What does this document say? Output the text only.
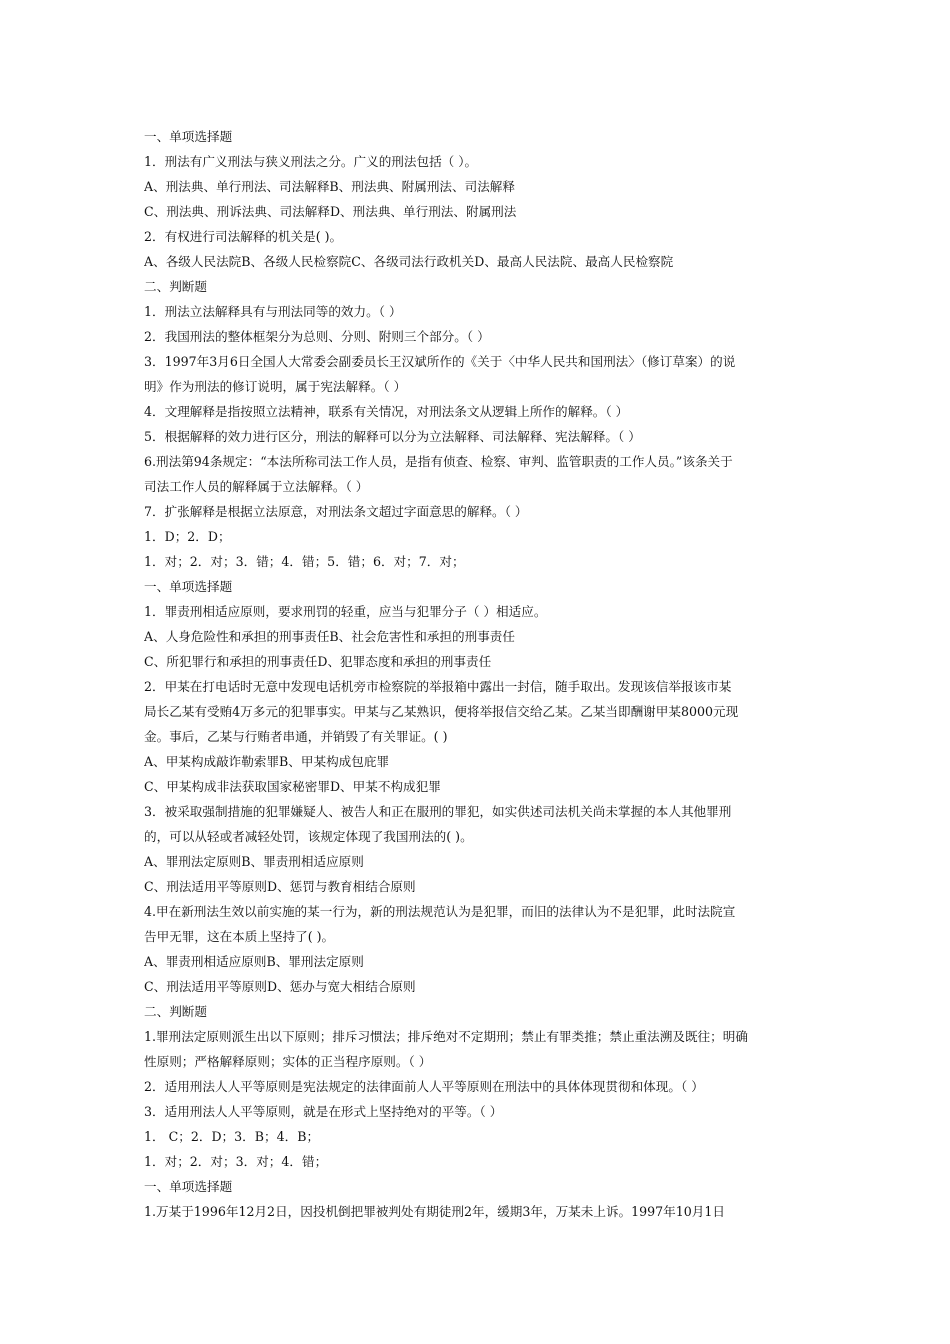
一、单项选择题
1．刑法有广义刑法与狭义刑法之分。广义的刑法包括（ ）。
A、刑法典、单行刑法、司法解释B、刑法典、附属刑法、司法解释
C、刑法典、刑诉法典、司法解释D、刑法典、单行刑法、附属刑法
2．有权进行司法解释的机关是( )。
A、各级人民法院B、各级人民检察院C、各级司法行政机关D、最高人民法院、最高人民检察院
二、判断题
1．刑法立法解释具有与刑法同等的效力。（ ）
2．我国刑法的整体框架分为总则、分则、附则三个部分。（ ）
3．1997年3月6日全国人大常委会副委员长王汉斌所作的《关于〈中华人民共和国刑法〉（修订草案）的说
明》作为刑法的修订说明，属于宪法解释。（ ）
4．文理解释是指按照立法精神，联系有关情况，对刑法条文从逻辑上所作的解释。（ ）
5．根据解释的效力进行区分，刑法的解释可以分为立法解释、司法解释、宪法解释。（ ）
6.刑法第94条规定：“本法所称司法工作人员，是指有侦查、检察、审判、监管职责的工作人员。”该条关于
司法工作人员的解释属于立法解释。（ ）
7．扩张解释是根据立法原意，对刑法条文超过字面意思的解释。（ ）
1．D；2．D；
1．对；2．对；3．错；4．错；5．错；6．对；7．对；
一、单项选择题
1．罪责刑相适应原则，要求刑罚的轻重，应当与犯罪分子（ ）相适应。
A、人身危险性和承担的刑事责任B、社会危害性和承担的刑事责任
C、所犯罪行和承担的刑事责任D、犯罪态度和承担的刑事责任
2．甲某在打电话时无意中发现电话机旁市检察院的举报箱中露出一封信，随手取出。发现该信举报该市某
局长乙某有受贿4万多元的犯罪事实。甲某与乙某熟识，便将举报信交给乙某。乙某当即酬谢甲某8000元现
金。事后，乙某与行贿者串通，并销毁了有关罪证。( )
A、甲某构成敲诈勒索罪B、甲某构成包庇罪
C、甲某构成非法获取国家秘密罪D、甲某不构成犯罪
3．被采取强制措施的犯罪嫌疑人、被告人和正在服刑的罪犯，如实供述司法机关尚未掌握的本人其他罪刑
的，可以从轻或者减轻处罚，该规定体现了我国刑法的( )。
A、罪刑法定原则B、罪责刑相适应原则
C、刑法适用平等原则D、惩罚与教育相结合原则
4.甲在新刑法生效以前实施的某一行为，新的刑法规范认为是犯罪，而旧的法律认为不是犯罪，此时法院宣
告甲无罪，这在本质上坚持了( )。
A、罪责刑相适应原则B、罪刑法定原则
C、刑法适用平等原则D、惩办与宽大相结合原则
二、判断题
1.罪刑法定原则派生出以下原则；排斥习惯法；排斥绝对不定期刑；禁止有罪类推；禁止重法溯及既往；明确
性原则；严格解释原则；实体的正当程序原则。（ ）
2．适用刑法人人平等原则是宪法规定的法律面前人人平等原则在刑法中的具体体现贯彻和体现。（ ）
3．适用刑法人人平等原则，就是在形式上坚持绝对的平等。（ ）
1． C；2．D；3．B；4．B；
1．对；2．对；3．对；4．错；
一、单项选择题
1.万某于1996年12月2日，因投机倒把罪被判处有期徒刑2年，缓期3年，万某未上诉。1997年10月1日
